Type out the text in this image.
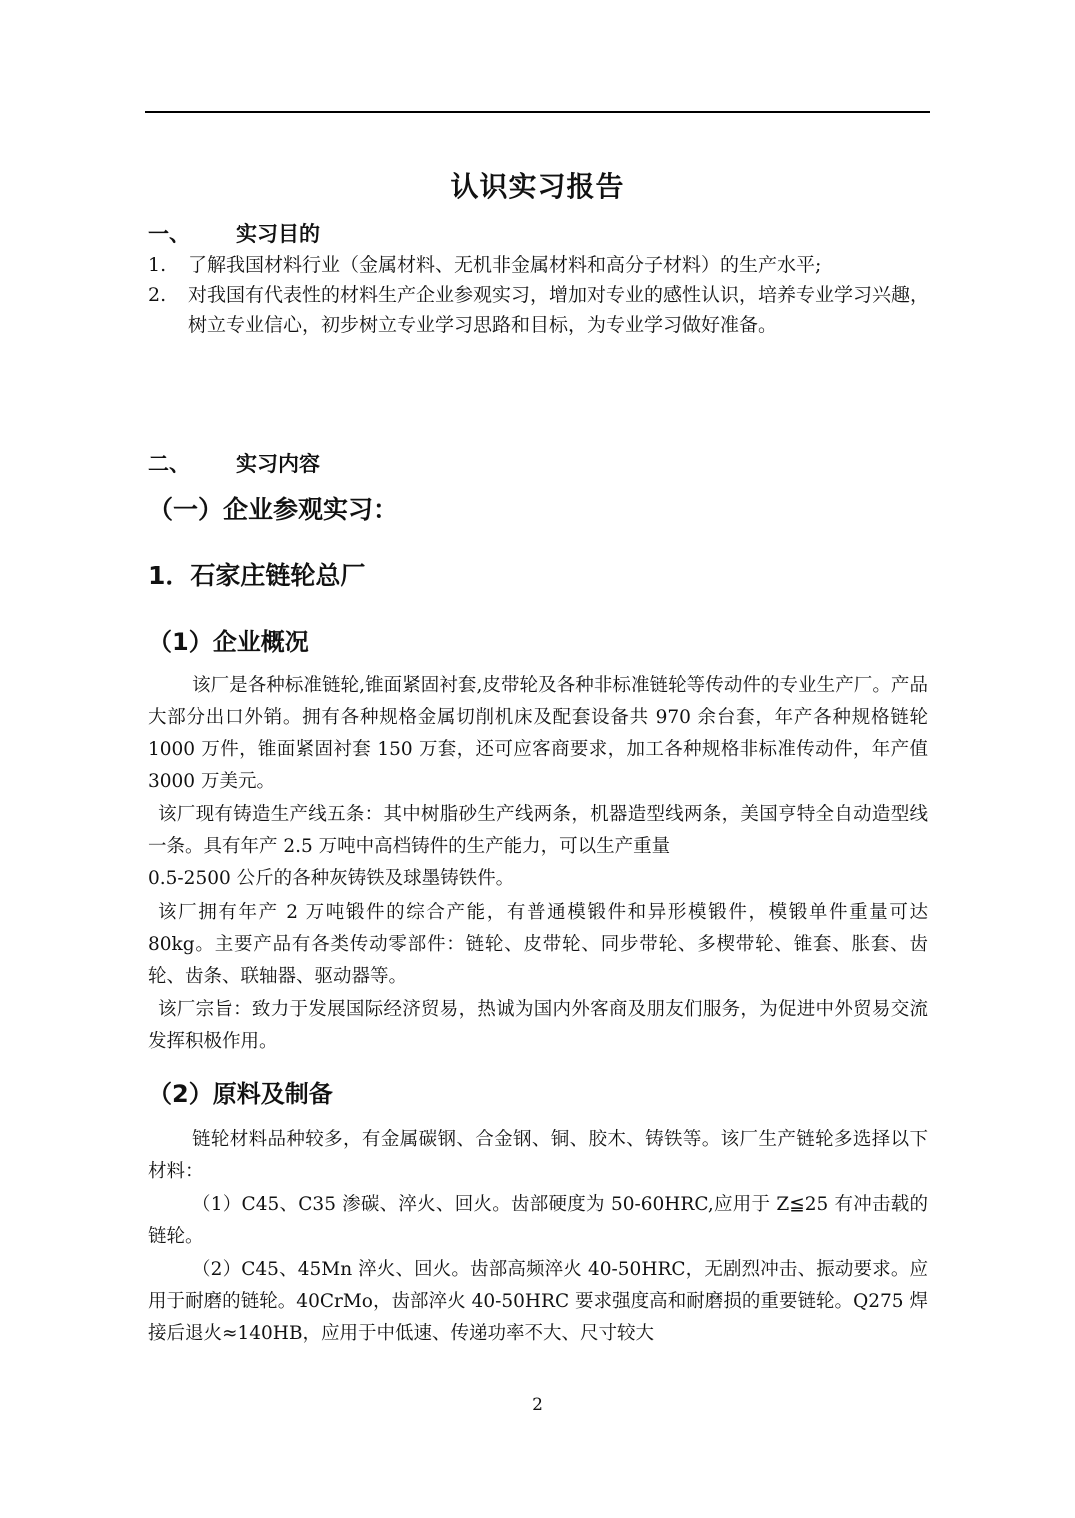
认识实习报告
一、 实习目的

1. 了解我国材料行业（金属材料、无机非金属材料和高分子材料）的生产水平;

2. 对我国有代表性的材料生产企业参观实习，增加对专业的感性认识，培养专业学习兴趣，树立专业信心，初步树立专业学习思路和目标，为专业学习做好准备。

二、 实习内容
（一）企业参观实习：
1．石家庄链轮总厂
（1）企业概况

该厂是各种标准链轮,锥面紧固衬套,皮带轮及各种非标准链轮等传动件的专业生产厂。产品大部分出口外销。拥有各种规格金属切削机床及配套设备共 970 余台套，年产各种规格链轮 1000 万件，锥面紧固衬套 150 万套，还可应客商要求，加工各种规格非标准传动件，年产值 3000 万美元。

该厂现有铸造生产线五条：其中树脂砂生产线两条，机器造型线两条，美国亨特全自动造型线一条。具有年产 2.5 万吨中高档铸件的生产能力，可以生产重量

0.5-2500 公斤的各种灰铸铁及球墨铸铁件。

该厂拥有年产 2 万吨锻件的综合产能，有普通模锻件和异形模锻件，模锻单件重量可达 80kg。主要产品有各类传动零部件：链轮、皮带轮、同步带轮、多楔带轮、锥套、胀套、齿轮、齿条、联轴器、驱动器等。

该厂宗旨：致力于发展国际经济贸易，热诚为国内外客商及朋友们服务，为促进中外贸易交流发挥积极作用。

（2）原料及制备

链轮材料品种较多，有金属碳钢、合金钢、铜、胶木、铸铁等。该厂生产链轮多选择以下材料：

（1）C45、C35 渗碳、淬火、回火。齿部硬度为 50-60HRC,应用于 Z≦25 有冲击载的链轮。

（2）C45、45Mn 淬火、回火。齿部高频淬火 40-50HRC，无剧烈冲击、振动要求。应用于耐磨的链轮。40CrMo，齿部淬火 40-50HRC 要求强度高和耐磨损的重要链轮。Q275 焊接后退火≈140HB，应用于中低速、传递功率不大、尺寸较大

2
